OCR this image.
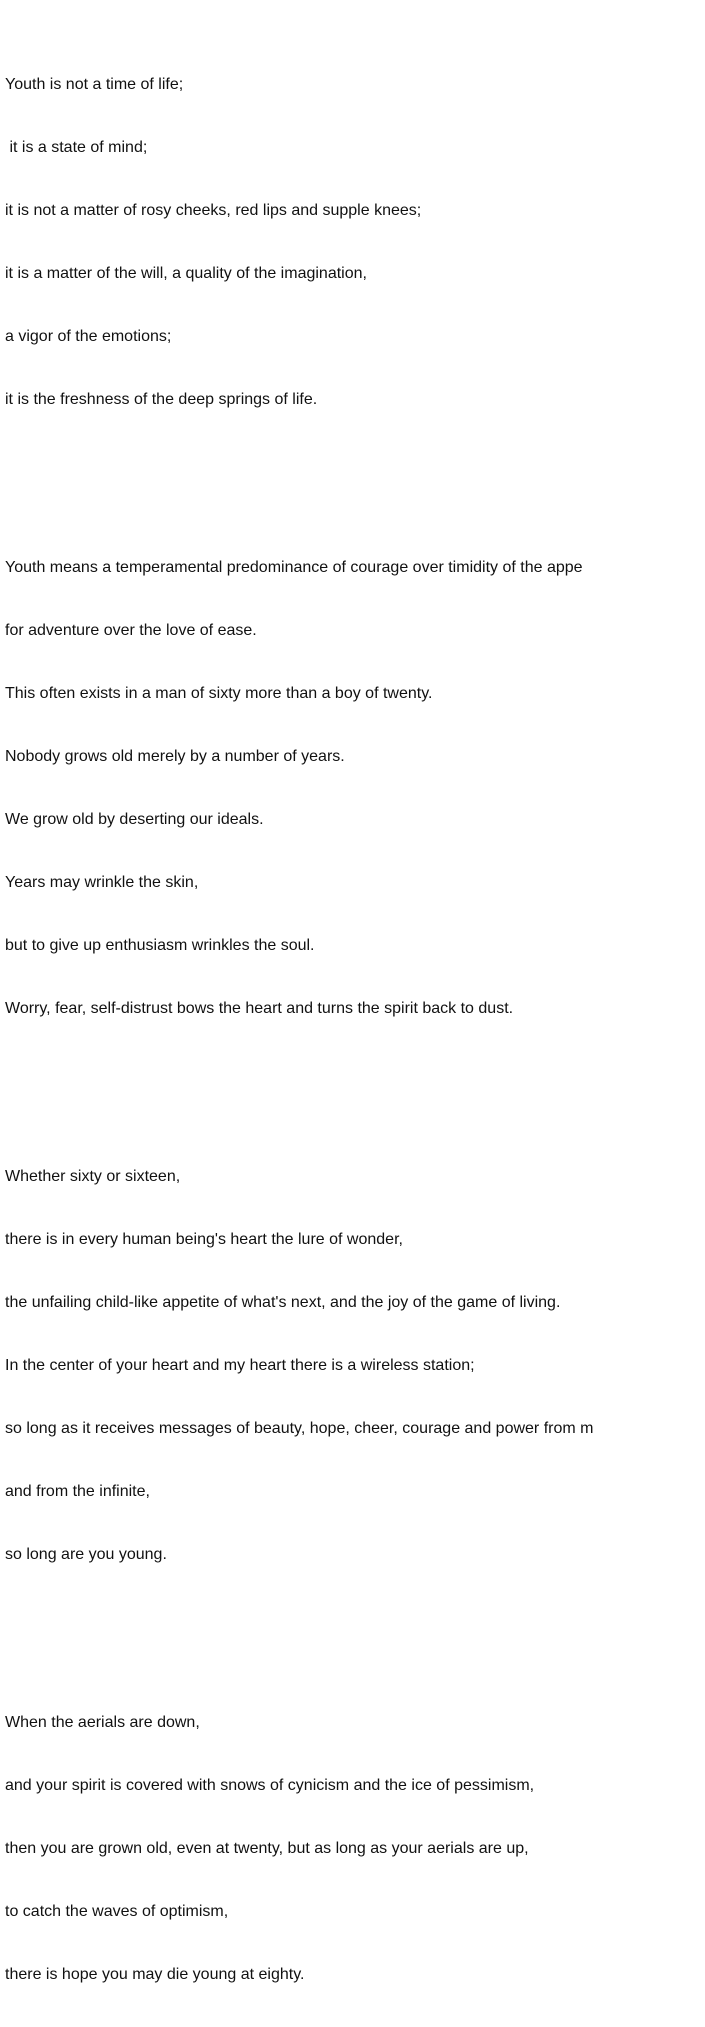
Youth is not a time of life;

it is a state of mind;

it is not a matter of rosy cheeks, red lips and supple knees;

it is a matter of the will, a quality of the imagination,

a vigor of the emotions;

it is the freshness of the deep springs of life.

Youth means a temperamental predominance of courage over timidity of the appe

for adventure over the love of ease.

This often exists in a man of sixty more than a boy of twenty.

Nobody grows old merely by a number of years.

We grow old by deserting our ideals.

Years may wrinkle the skin,

but to give up enthusiasm wrinkles the soul.

Worry, fear, self-distrust bows the heart and turns the spirit back to dust.

Whether sixty or sixteen,

there is in every human being's heart the lure of wonder,

the unfailing child-like appetite of what's next, and the joy of the game of living.

In the center of your heart and my heart there is a wireless station;

so long as it receives messages of beauty, hope, cheer, courage and power from m

and from the infinite,

so long are you young.

When the aerials are down,

and your spirit is covered with snows of cynicism and the ice of pessimism,

then you are grown old, even at twenty, but as long as your aerials are up,

to catch the waves of optimism,

there is hope you may die young at eighty.
